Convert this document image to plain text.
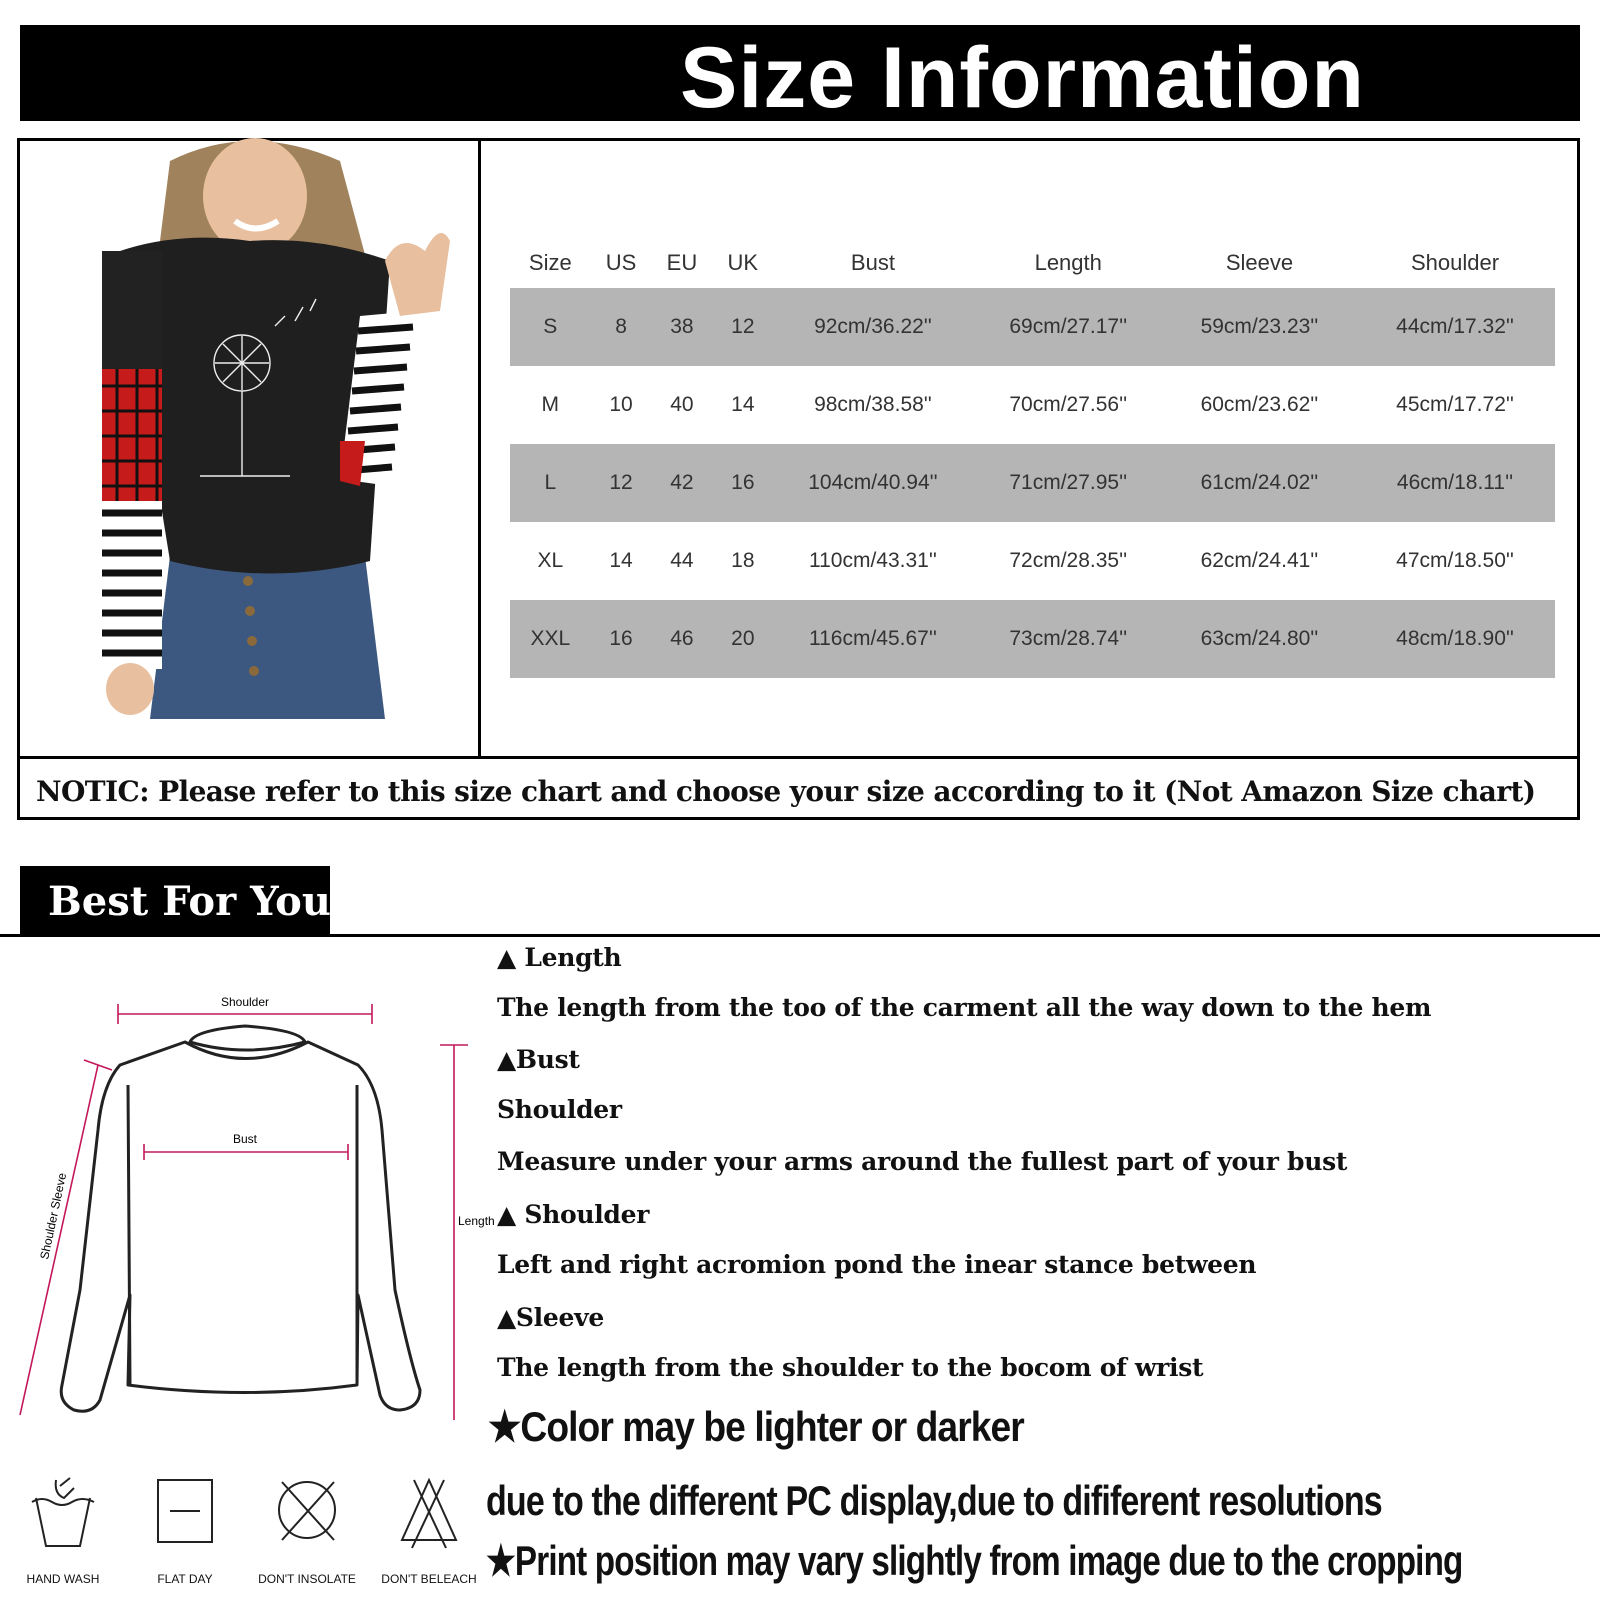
Size Information
NOTIC: Please refer to this size chart and choose your size according to it (Not Amazon Size chart)
Size	US	EU	UK	Bust	Length	Sleeve	Shoulder
S	8	38	12	92cm/36.22''	69cm/27.17''	59cm/23.23''	44cm/17.32''
M	10	40	14	98cm/38.58''	70cm/27.56''	60cm/23.62''	45cm/17.72''
L	12	42	16	104cm/40.94''	71cm/27.95''	61cm/24.02''	46cm/18.11''
XL	14	44	18	110cm/43.31''	72cm/28.35''	62cm/24.41''	47cm/18.50''
XXL	16	46	20	116cm/45.67''	73cm/28.74''	63cm/24.80''	48cm/18.90''
Best For You
Shoulder
Bust
Length
Shoulder Sleeve
▲ Length
The length from the too of the carment all the way down to the hem
▲Bust
Shoulder
Measure under your arms around the fullest part of your bust
▲ Shoulder
Left and right acromion pond the inear stance between
▲Sleeve
The length from the shoulder to the bocom of wrist
★Color may be lighter or darker
due to the different PC display,due to dififerent resolutions
★Print position may vary slightly from image due to the cropping
HAND WASH	FLAT DAY	DON'T INSOLATE	DON'T BELEACH
